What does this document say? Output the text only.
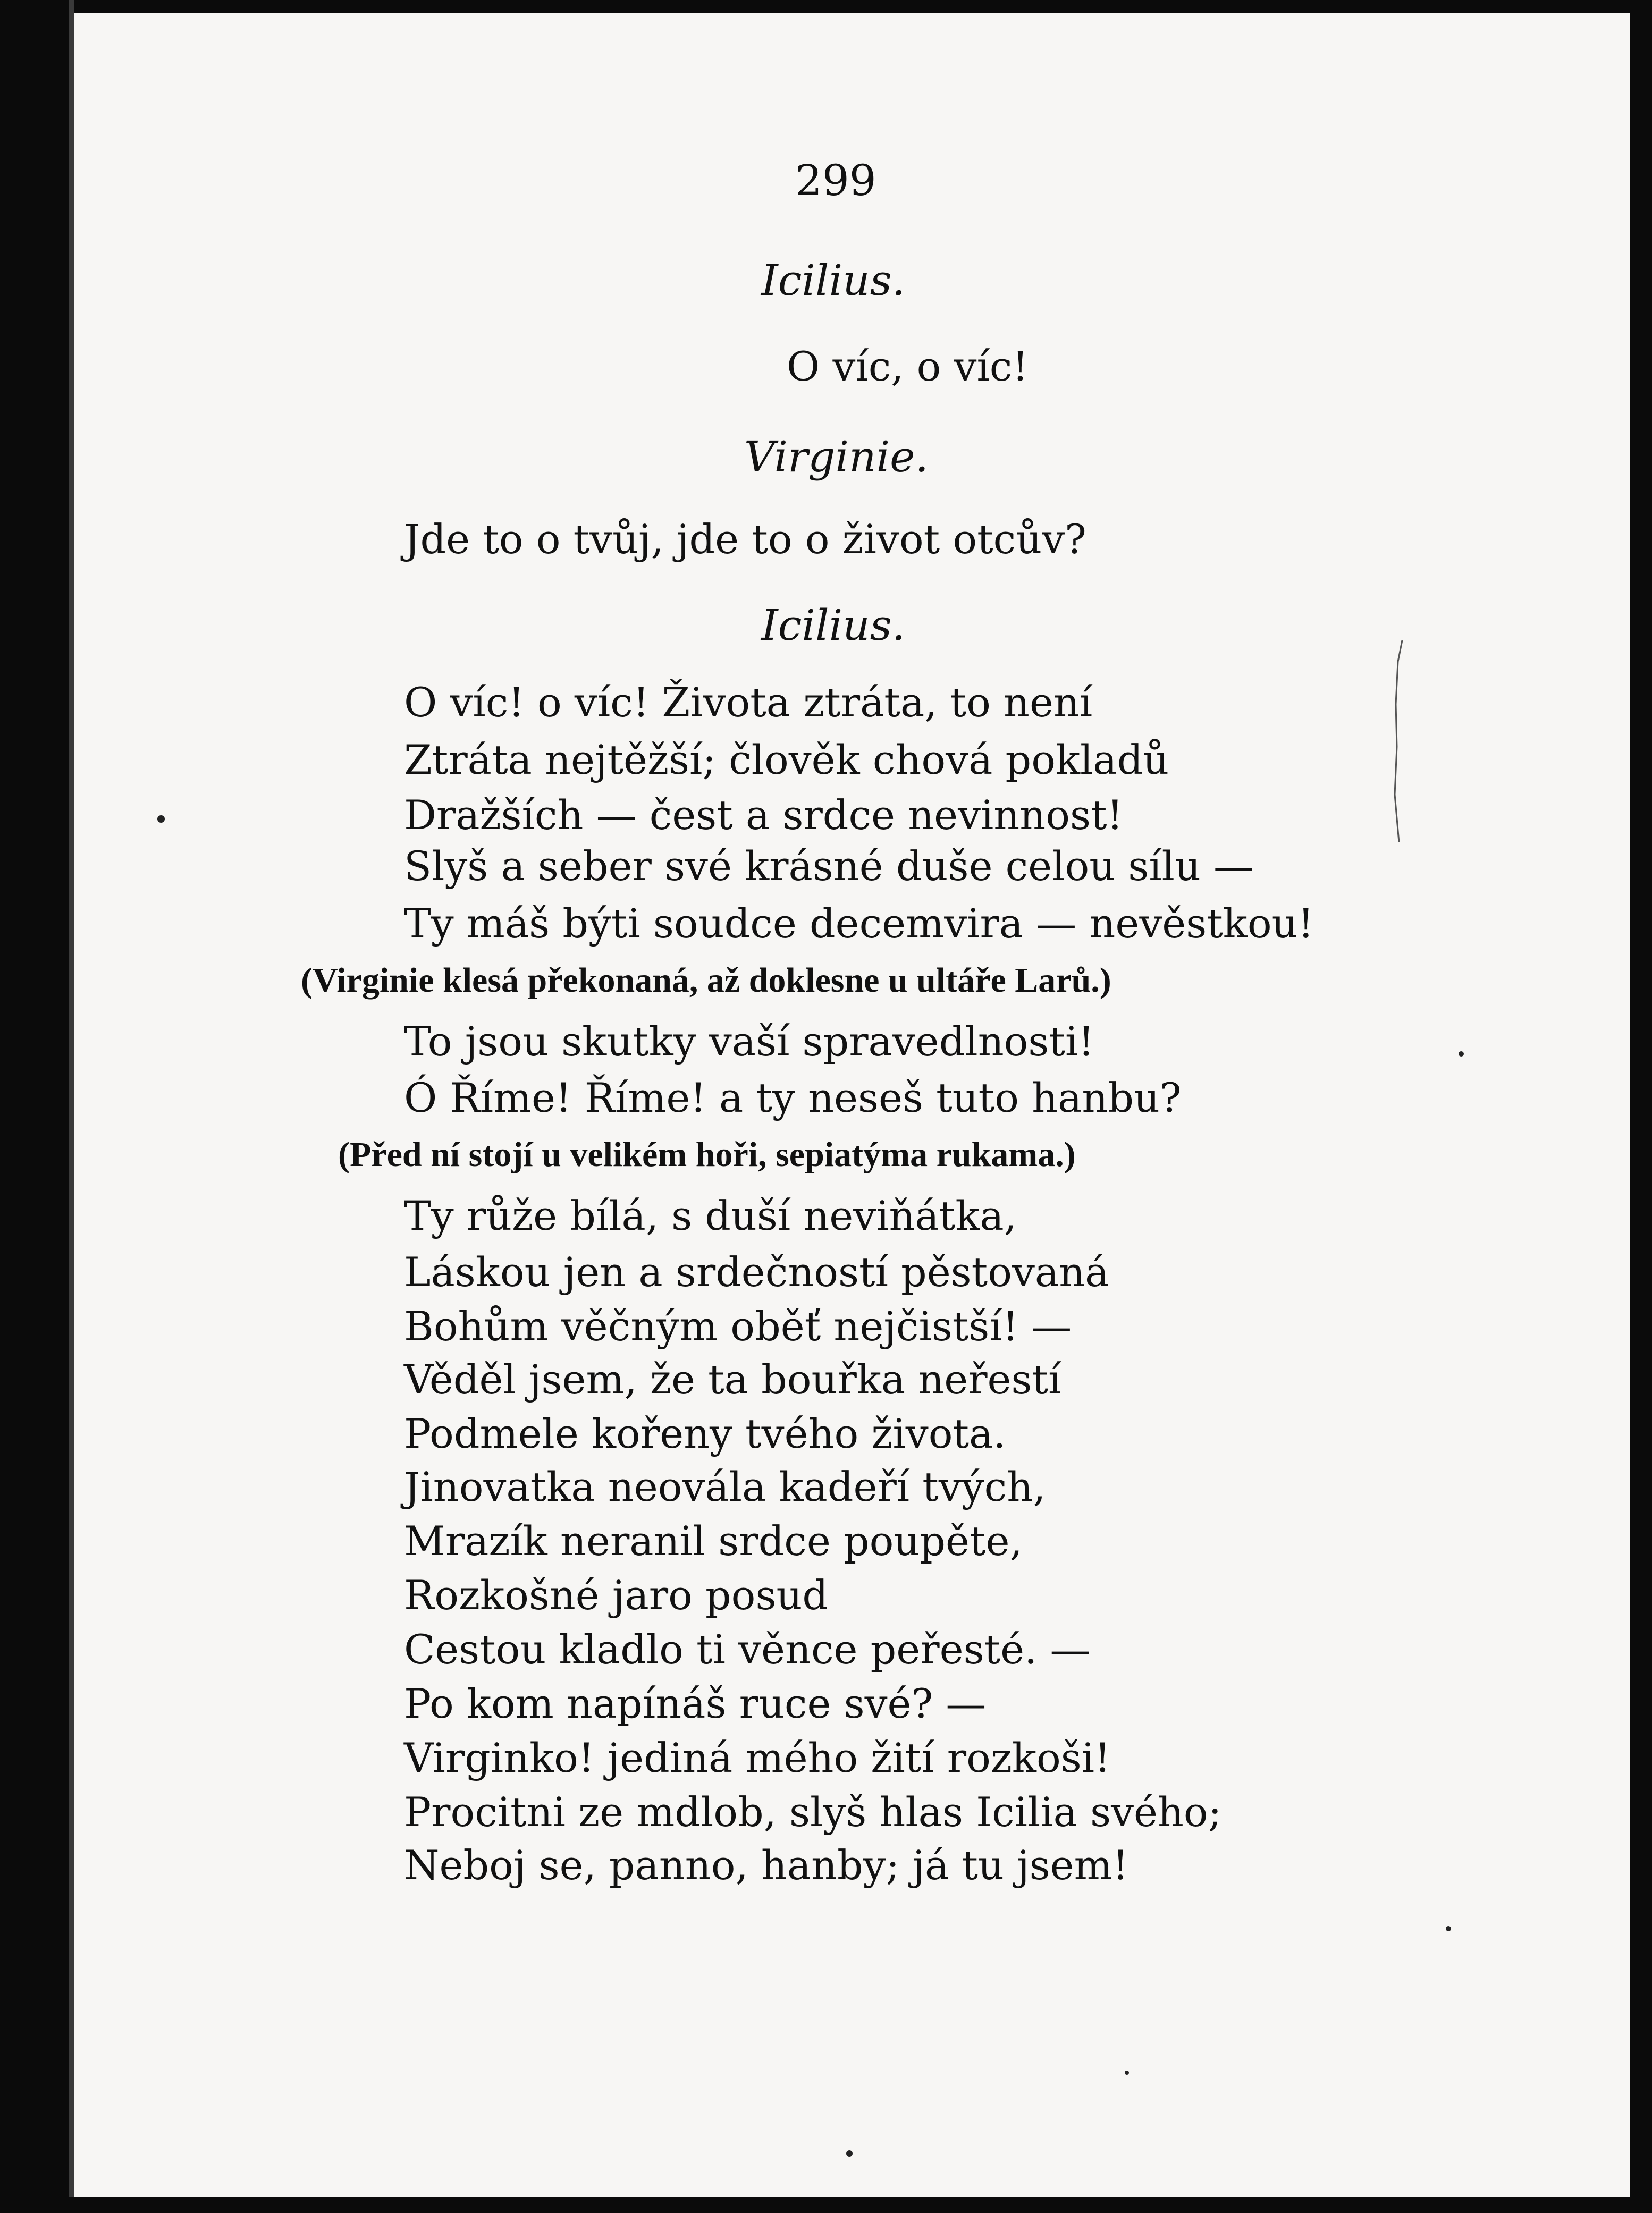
299
Icilius.
O víc, o víc!
Virginie.
Jde to o tvůj, jde to o život otcův?
Icilius.
O víc! o víc! Života ztráta, to není
Ztráta nejtěžší; člověk chová pokladů
Dražších — čest a srdce nevinnost!
Slyš a seber své krásné duše celou sílu —
Ty máš býti soudce decemvira — nevěstkou!
(Virginie klesá překonaná, až doklesne u ultáře Larů.)
To jsou skutky vaší spravedlnosti!
Ó Říme! Říme! a ty neseš tuto hanbu?
(Před ní stojí u velikém hoři, sepiatýma rukama.)
Ty růže bílá, s duší neviňátka,
Láskou jen a srdečností pěstovaná
Bohům věčným oběť nejčistší! —
Věděl jsem, že ta bouřka neřestí
Podmele kořeny tvého života.
Jinovatka neovála kadeří tvých,
Mrazík neranil srdce poupěte,
Rozkošné jaro posud
Cestou kladlo ti věnce peřesté. —
Po kom napínáš ruce své? —
Virginko! jediná mého žití rozkoši!
Procitni ze mdlob, slyš hlas Icilia svého;
Neboj se, panno, hanby; já tu jsem!
